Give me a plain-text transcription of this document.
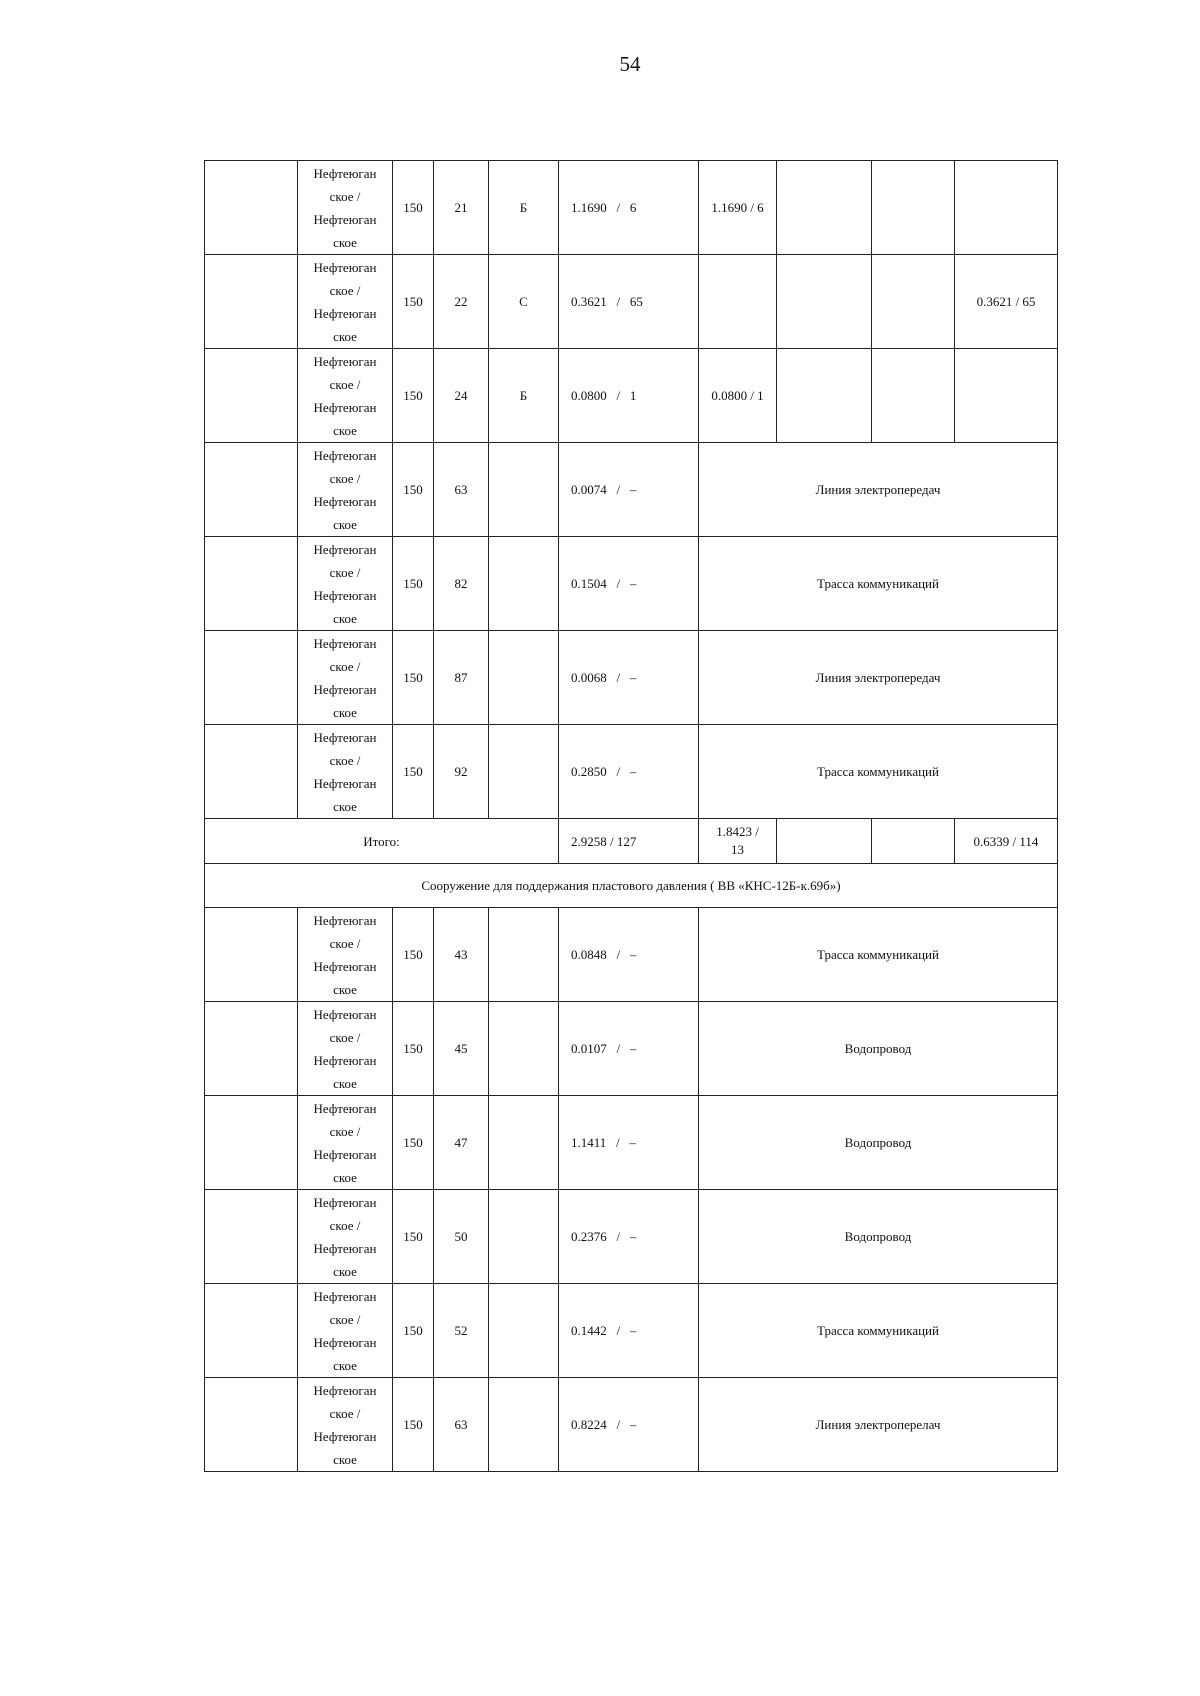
54

	Нефтеюган
ское /
Нефтеюган
ское	150	21	Б	1.1690   /   6	1.1690 / 6			

	Нефтеюган
ское /
Нефтеюган
ское	150	22	С	0.3621   /   65				0.3621 / 65

	Нефтеюган
ское /
Нефтеюган
ское	150	24	Б	0.0800   /   1	0.0800 / 1			

	Нефтеюган
ское /
Нефтеюган
ское	150	63		0.0074   /   –	Линия электропередач			

	Нефтеюган
ское /
Нефтеюган
ское	150	82		0.1504   /   –	Трасса коммуникаций			

	Нефтеюган
ское /
Нефтеюган
ское	150	87		0.0068   /   –	Линия электропередач			

	Нефтеюган
ское /
Нефтеюган
ское	150	92		0.2850   /   –	Трасса коммуникаций			
Итого:					2.9258 / 127	1.8423 /
13			0.6339 / 114
Сооружение для поддержания пластового давления ( ВВ «КНС-12Б-к.69б»)									

	Нефтеюган
ское /
Нефтеюган
ское	150	43		0.0848   /   –	Трасса коммуникаций			

	Нефтеюган
ское /
Нефтеюган
ское	150	45		0.0107   /   –	Водопровод			

	Нефтеюган
ское /
Нефтеюган
ское	150	47		1.1411   /   –	Водопровод			

	Нефтеюган
ское /
Нефтеюган
ское	150	50		0.2376   /   –	Водопровод			

	Нефтеюган
ское /
Нефтеюган
ское	150	52		0.1442   /   –	Трасса коммуникаций			

	Нефтеюган
ское /
Нефтеюган
ское	150	63		0.8224   /   –	Линия электроперелач			
